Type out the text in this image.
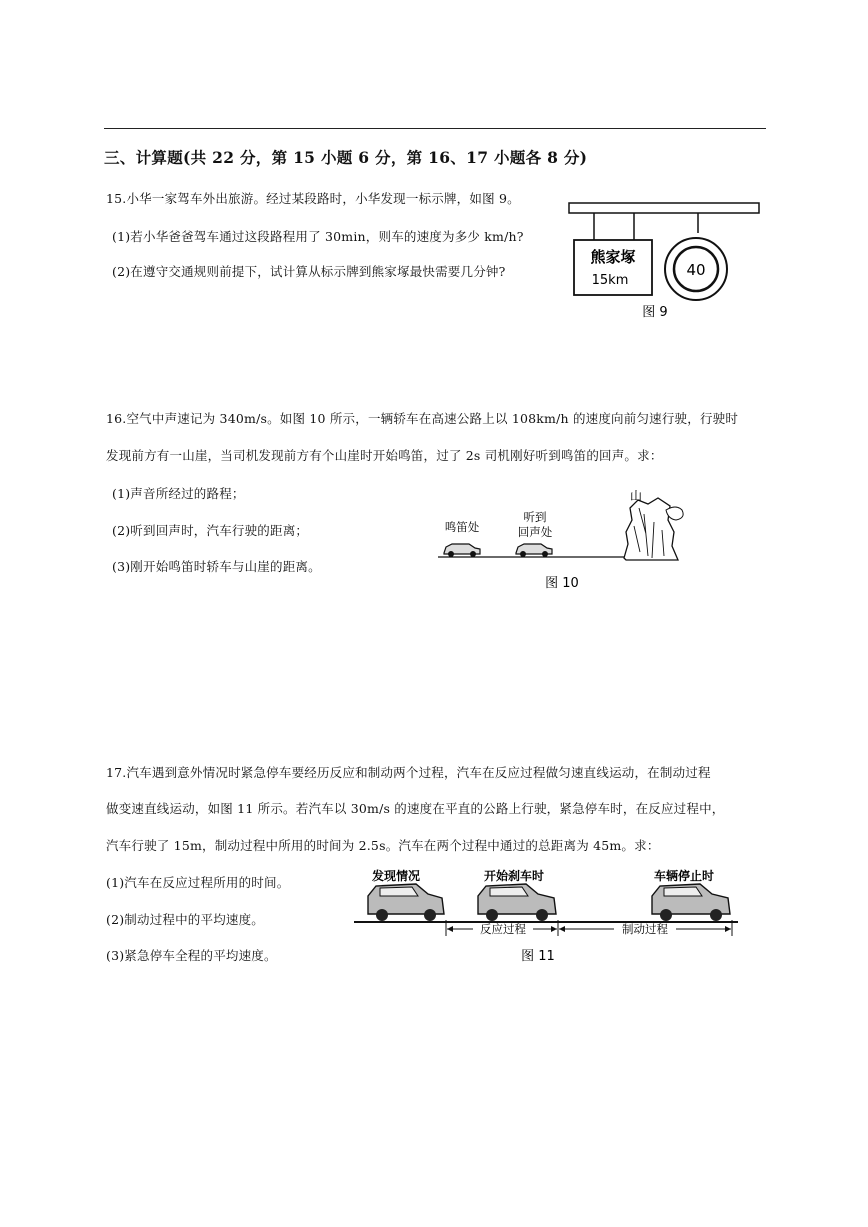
三、计算题(共 22 分，第 15 小题 6 分，第 16、17 小题各 8 分)
15.小华一家驾车外出旅游。经过某段路时，小华发现一标示牌，如图 9。
(1)若小华爸爸驾车通过这段路程用了 30min，则车的速度为多少 km/h?
(2)在遵守交通规则前提下，试计算从标示牌到熊家塚最快需要几分钟?
熊家塚
15km
40
图 9
16.空气中声速记为 340m/s。如图 10 所示，一辆轿车在高速公路上以 108km/h 的速度向前匀速行驶，行驶时
发现前方有一山崖，当司机发现前方有个山崖时开始鸣笛，过了 2s 司机刚好听到鸣笛的回声。求：
(1)声音所经过的路程；
(2)听到回声时，汽车行驶的距离；
(3)刚开始鸣笛时轿车与山崖的距离。
鸣笛处
听到
回声处
山
图 10
17.汽车遇到意外情况时紧急停车要经历反应和制动两个过程，汽车在反应过程做匀速直线运动，在制动过程
做变速直线运动，如图 11 所示。若汽车以 30m/s 的速度在平直的公路上行驶，紧急停车时，在反应过程中，
汽车行驶了 15m，制动过程中所用的时间为 2.5s。汽车在两个过程中通过的总距离为 45m。求：
(1)汽车在反应过程所用的时间。
(2)制动过程中的平均速度。
(3)紧急停车全程的平均速度。
发现情况	开始刹车时	车辆停止时
反应过程	制动过程
图 11
